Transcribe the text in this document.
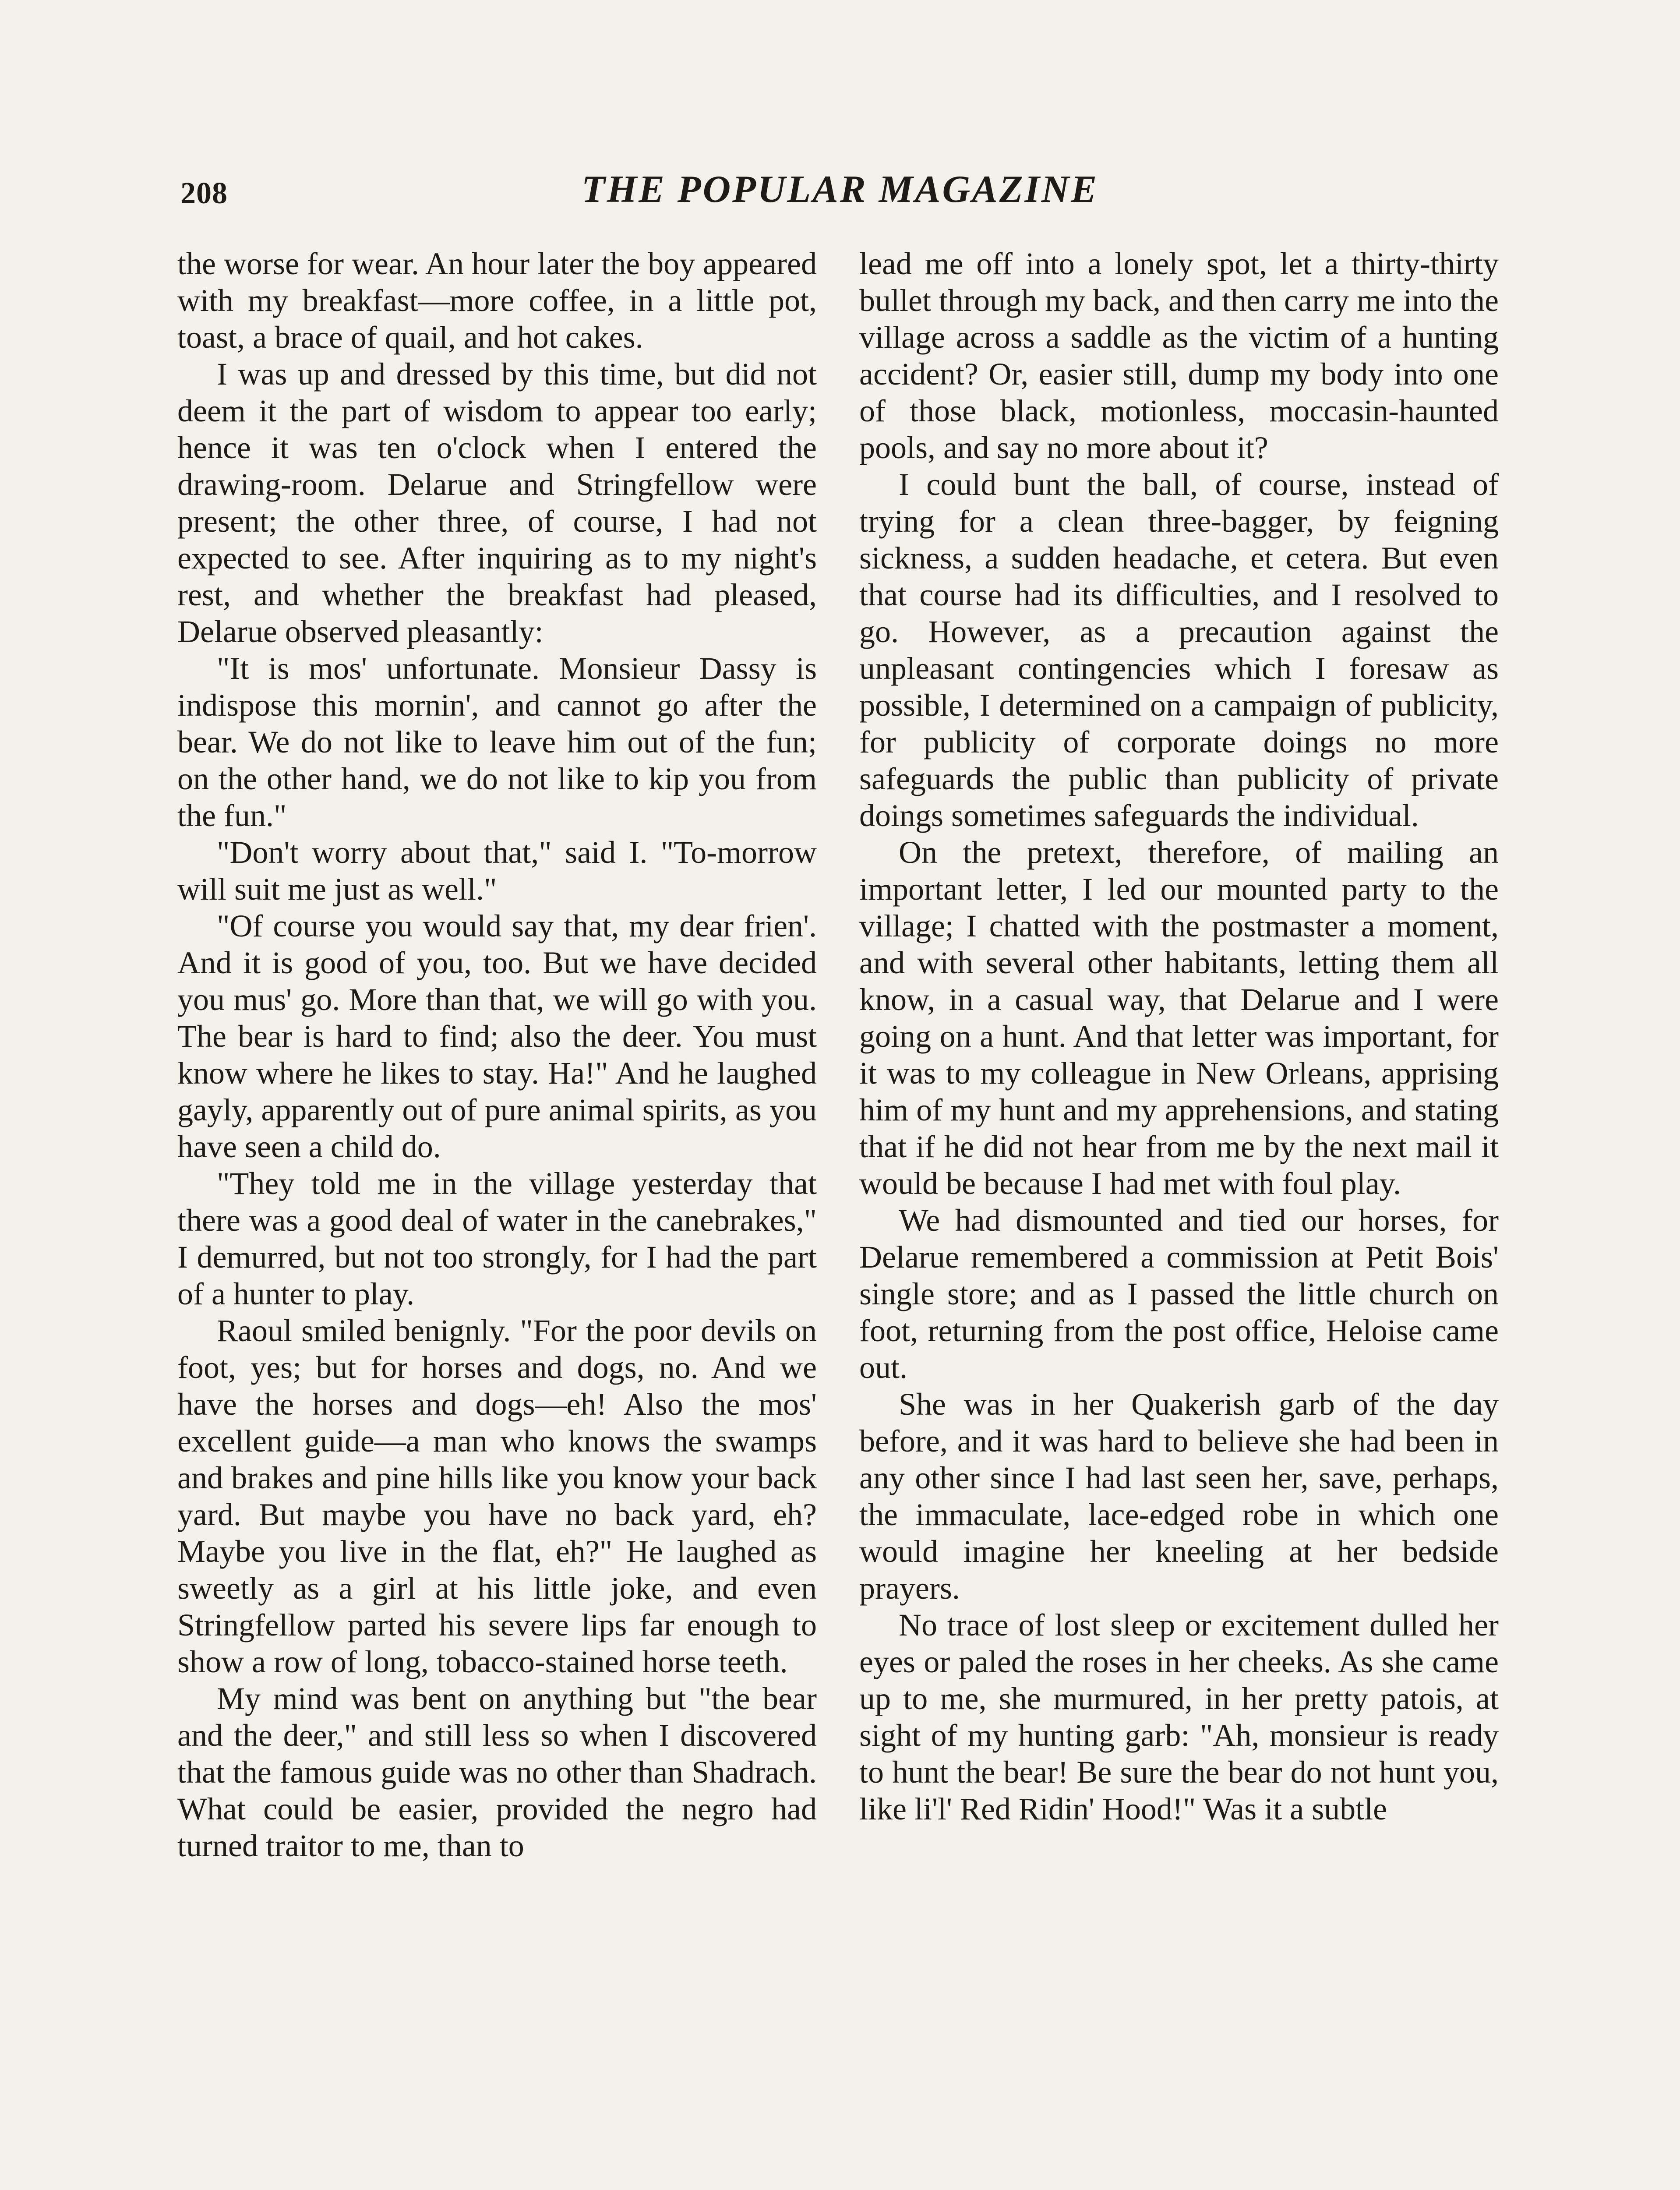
208	THE POPULAR MAGAZINE

the worse for wear. An hour later the boy appeared with my breakfast—more coffee, in a little pot, toast, a brace of quail, and hot cakes.

I was up and dressed by this time, but did not deem it the part of wisdom to appear too early; hence it was ten o'clock when I entered the drawing-room. Delarue and Stringfellow were present; the other three, of course, I had not expected to see. After inquiring as to my night's rest, and whether the breakfast had pleased, Delarue observed pleasantly:

"It is mos' unfortunate. Monsieur Dassy is indispose this mornin', and cannot go after the bear. We do not like to leave him out of the fun; on the other hand, we do not like to kip you from the fun."

"Don't worry about that," said I. "To-morrow will suit me just as well."

"Of course you would say that, my dear frien'. And it is good of you, too. But we have decided you mus' go. More than that, we will go with you. The bear is hard to find; also the deer. You must know where he likes to stay. Ha!" And he laughed gayly, apparently out of pure animal spirits, as you have seen a child do.

"They told me in the village yesterday that there was a good deal of water in the canebrakes," I demurred, but not too strongly, for I had the part of a hunter to play.

Raoul smiled benignly. "For the poor devils on foot, yes; but for horses and dogs, no. And we have the horses and dogs—eh! Also the mos' excellent guide—a man who knows the swamps and brakes and pine hills like you know your back yard. But maybe you have no back yard, eh? Maybe you live in the flat, eh?" He laughed as sweetly as a girl at his little joke, and even Stringfellow parted his severe lips far enough to show a row of long, tobacco-stained horse teeth.

My mind was bent on anything but "the bear and the deer," and still less so when I discovered that the famous guide was no other than Shadrach. What could be easier, provided the negro had turned traitor to me, than to

lead me off into a lonely spot, let a thirty-thirty bullet through my back, and then carry me into the village across a saddle as the victim of a hunting accident? Or, easier still, dump my body into one of those black, motionless, moccasin-haunted pools, and say no more about it?

I could bunt the ball, of course, instead of trying for a clean three-bagger, by feigning sickness, a sudden headache, et cetera. But even that course had its difficulties, and I resolved to go. However, as a precaution against the unpleasant contingencies which I foresaw as possible, I determined on a campaign of publicity, for publicity of corporate doings no more safeguards the public than publicity of private doings sometimes safeguards the individual.

On the pretext, therefore, of mailing an important letter, I led our mounted party to the village; I chatted with the postmaster a moment, and with several other habitants, letting them all know, in a casual way, that Delarue and I were going on a hunt. And that letter was important, for it was to my colleague in New Orleans, apprising him of my hunt and my apprehensions, and stating that if he did not hear from me by the next mail it would be because I had met with foul play.

We had dismounted and tied our horses, for Delarue remembered a commission at Petit Bois' single store; and as I passed the little church on foot, returning from the post office, Heloise came out.

She was in her Quakerish garb of the day before, and it was hard to believe she had been in any other since I had last seen her, save, perhaps, the immaculate, lace-edged robe in which one would imagine her kneeling at her bedside prayers.

No trace of lost sleep or excitement dulled her eyes or paled the roses in her cheeks. As she came up to me, she murmured, in her pretty patois, at sight of my hunting garb: "Ah, monsieur is ready to hunt the bear! Be sure the bear do not hunt you, like li'l' Red Ridin' Hood!" Was it a subtle
